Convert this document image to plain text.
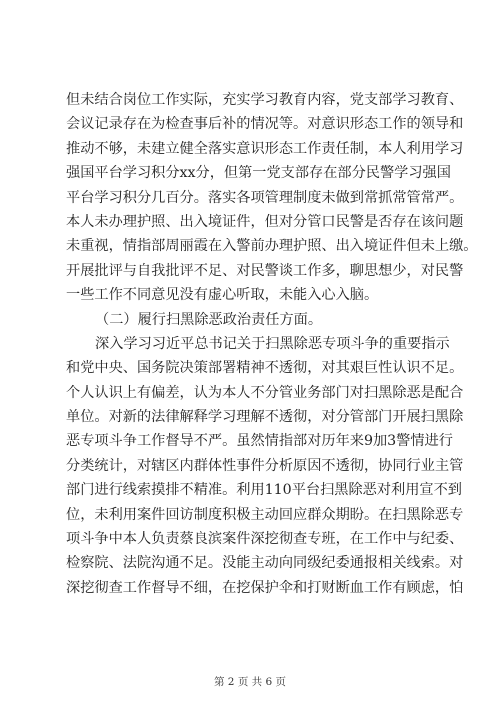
但未结合岗位工作实际，充实学习教育内容，党支部学习教育、
会议记录存在为检查事后补的情况等。对意识形态工作的领导和
推动不够，未建立健全落实意识形态工作责任制，本人利用学习
强国平台学习积分xx分，但第一党支部存在部分民警学习强国
平台学习积分几百分。落实各项管理制度未做到常抓常管常严。
本人未办理护照、出入境证件，但对分管口民警是否存在该问题
未重视，情指部周丽霞在入警前办理护照、出入境证件但未上缴。
开展批评与自我批评不足、对民警谈工作多，聊思想少，对民警
一些工作不同意见没有虚心听取，未能入心入脑。
（二）履行扫黑除恶政治责任方面。
深入学习习近平总书记关于扫黑除恶专项斗争的重要指示
和党中央、国务院决策部署精神不透彻，对其艰巨性认识不足。
个人认识上有偏差，认为本人不分管业务部门对扫黑除恶是配合
单位。对新的法律解释学习理解不透彻，对分管部门开展扫黑除
恶专项斗争工作督导不严。虽然情指部对历年来9加3警情进行
分类统计，对辖区内群体性事件分析原因不透彻，协同行业主管
部门进行线索摸排不精准。利用110平台扫黑除恶对利用宣不到
位，未利用案件回访制度积极主动回应群众期盼。在扫黑除恶专
项斗争中本人负责蔡良滨案件深挖彻查专班，在工作中与纪委、
检察院、法院沟通不足。没能主动向同级纪委通报相关线索。对
深挖彻查工作督导不细，在挖保护伞和打财断血工作有顾虑，怕
第 2 页 共 6 页
